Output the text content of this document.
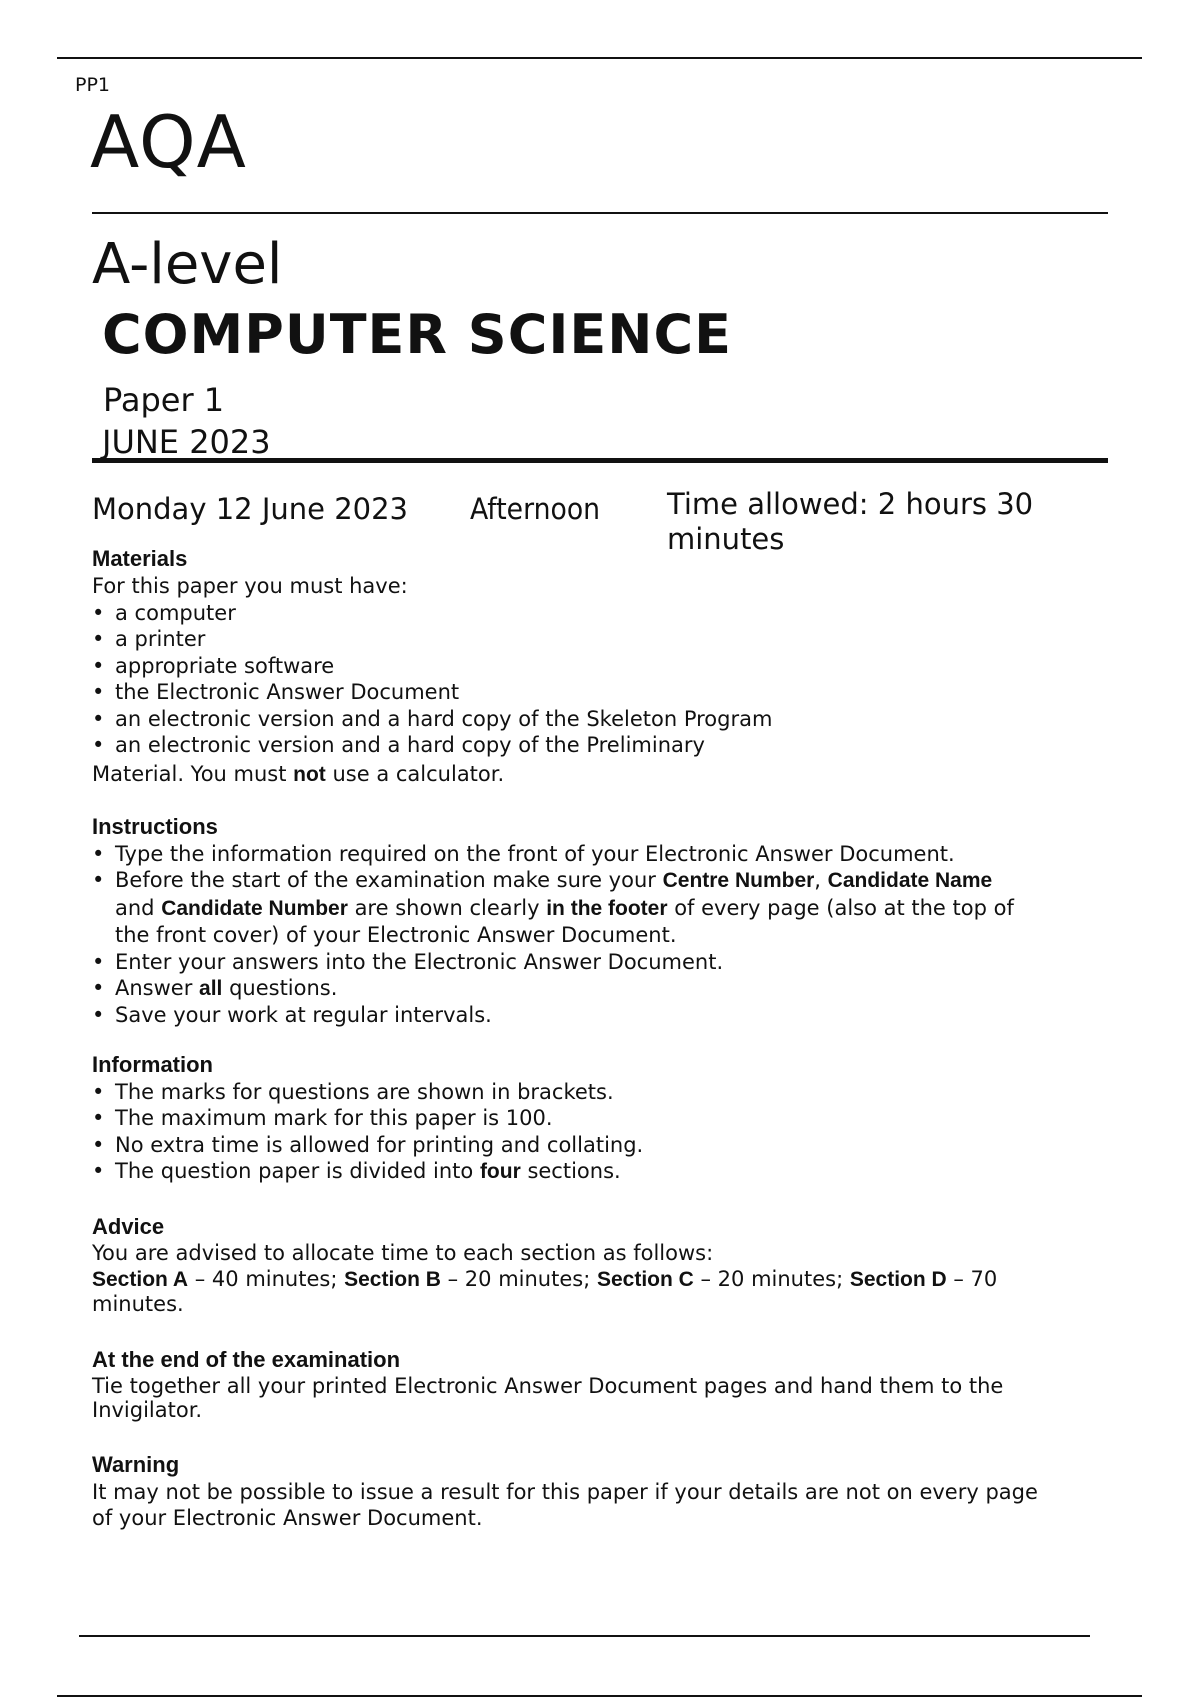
PP1
AQA
A-level
COMPUTER SCIENCE
Paper 1
JUNE 2023
Monday 12 June 2023 Afternoon Time allowed: 2 hours 30
minutes
Materials
For this paper you must have:
• a computer
• a printer
• appropriate software
• the Electronic Answer Document
• an electronic version and a hard copy of the Skeleton Program
• an electronic version and a hard copy of the Preliminary
Material. You must not use a calculator.
Instructions
• Type the information required on the front of your Electronic Answer Document.
• Before the start of the examination make sure your Centre Number, Candidate Name and Candidate Number are shown clearly in the footer of every page (also at the top of the front cover) of your Electronic Answer Document.
• Enter your answers into the Electronic Answer Document.
• Answer all questions.
• Save your work at regular intervals.
Information
• The marks for questions are shown in brackets.
• The maximum mark for this paper is 100.
• No extra time is allowed for printing and collating.
• The question paper is divided into four sections.
Advice
You are advised to allocate time to each section as follows:
Section A – 40 minutes; Section B – 20 minutes; Section C – 20 minutes; Section D – 70 minutes.
At the end of the examination
Tie together all your printed Electronic Answer Document pages and hand them to the Invigilator.
Warning
It may not be possible to issue a result for this paper if your details are not on every page of your Electronic Answer Document.
